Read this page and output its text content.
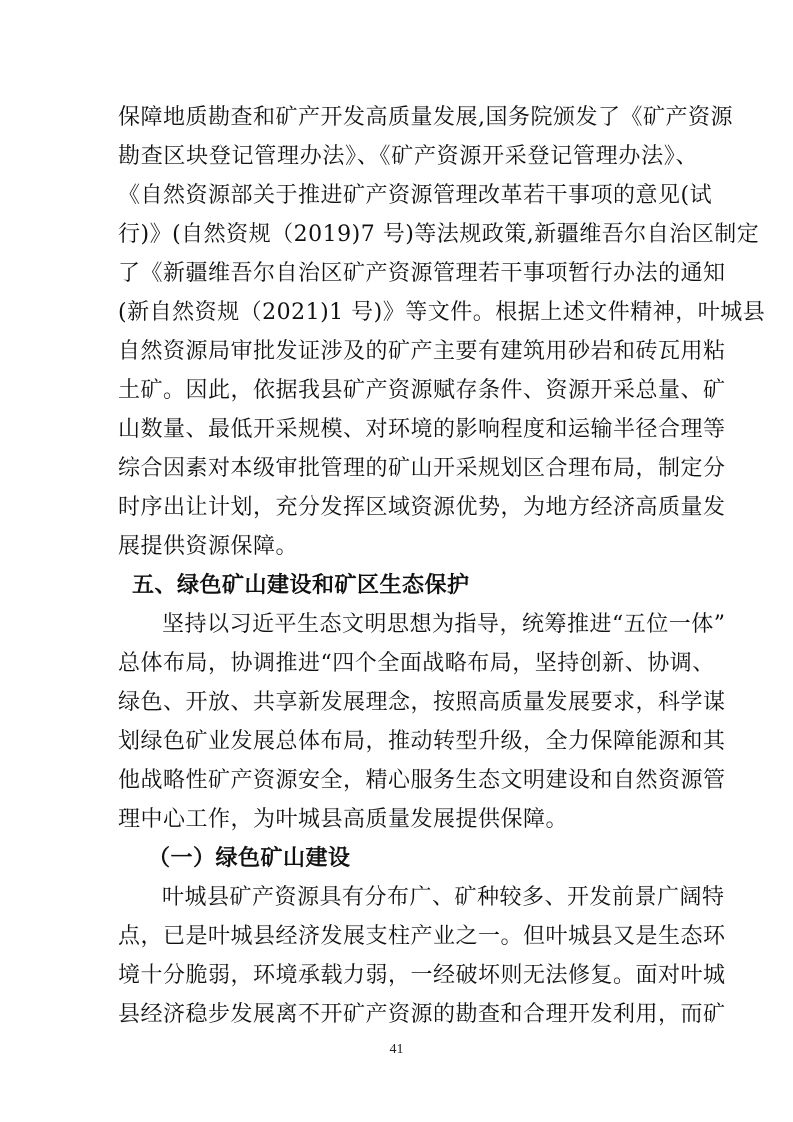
保障地质勘查和矿产开发高质量发展,国务院颁发了《矿产资源
勘查区块登记管理办法》、《矿产资源开采登记管理办法》、
《自然资源部关于推进矿产资源管理改革若干事项的意见(试
行)》(自然资规（2019)7 号)等法规政策,新疆维吾尔自治区制定
了《新疆维吾尔自治区矿产资源管理若干事项暂行办法的通知
(新自然资规（2021)1 号)》等文件。根据上述文件精神，叶城县
自然资源局审批发证涉及的矿产主要有建筑用砂岩和砖瓦用粘
土矿。因此，依据我县矿产资源赋存条件、资源开采总量、矿
山数量、最低开采规模、对环境的影响程度和运输半径合理等
综合因素对本级审批管理的矿山开采规划区合理布局，制定分
时序出让计划，充分发挥区域资源优势，为地方经济高质量发
展提供资源保障。
五、绿色矿山建设和矿区生态保护
坚持以习近平生态文明思想为指导，统筹推进“五位一体”
总体布局，协调推进“四个全面战略布局，坚持创新、协调、
绿色、开放、共享新发展理念，按照高质量发展要求，科学谋
划绿色矿业发展总体布局，推动转型升级，全力保障能源和其
他战略性矿产资源安全，精心服务生态文明建设和自然资源管
理中心工作，为叶城县高质量发展提供保障。
（一）绿色矿山建设
叶城县矿产资源具有分布广、矿种较多、开发前景广阔特
点，已是叶城县经济发展支柱产业之一。但叶城县又是生态环
境十分脆弱，环境承载力弱，一经破坏则无法修复。面对叶城
县经济稳步发展离不开矿产资源的勘查和合理开发利用，而矿
41
